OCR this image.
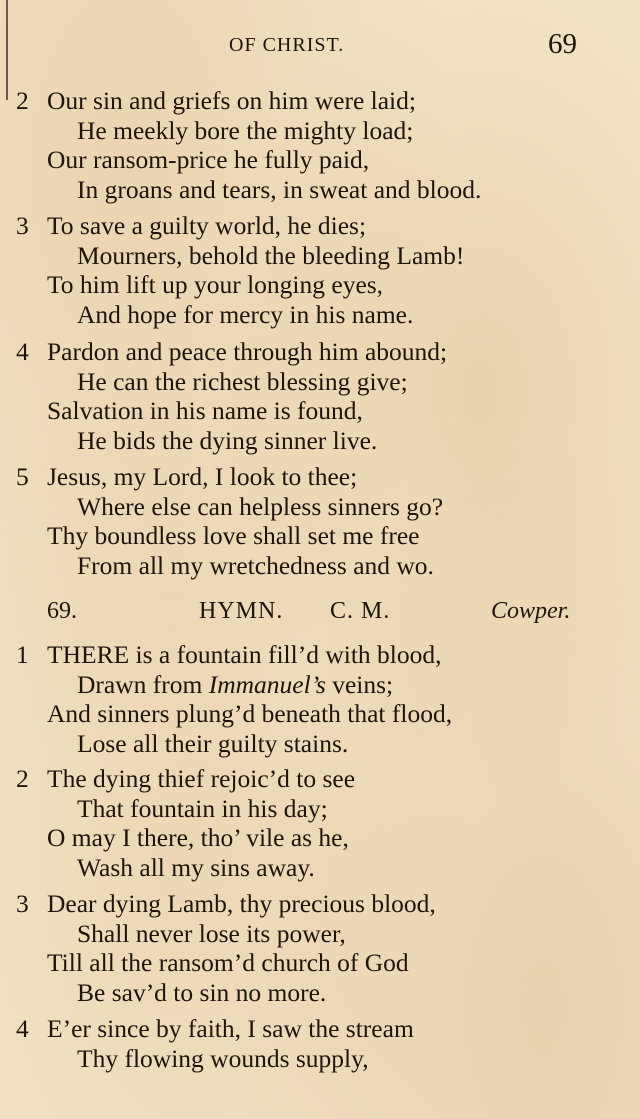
OF CHRIST.	69
2 Our sin and griefs on him were laid;
He meekly bore the mighty load;
Our ransom-price he fully paid,
In groans and tears, in sweat and blood.
3 To save a guilty world, he dies;
Mourners, behold the bleeding Lamb!
To him lift up your longing eyes,
And hope for mercy in his name.
4 Pardon and peace through him abound;
He can the richest blessing give;
Salvation in his name is found,
He bids the dying sinner live.
5 Jesus, my Lord, I look to thee;
Where else can helpless sinners go?
Thy boundless love shall set me free
From all my wretchedness and wo.
69.	HYMN. C. M.	Cowper.
1 THERE is a fountain fill’d with blood,
Drawn from Immanuel’s veins;
And sinners plung’d beneath that flood,
Lose all their guilty stains.
2 The dying thief rejoic’d to see
That fountain in his day;
O may I there, tho’ vile as he,
Wash all my sins away.
3 Dear dying Lamb, thy precious blood,
Shall never lose its power,
Till all the ransom’d church of God
Be sav’d to sin no more.
4 E’er since by faith, I saw the stream
Thy flowing wounds supply,
